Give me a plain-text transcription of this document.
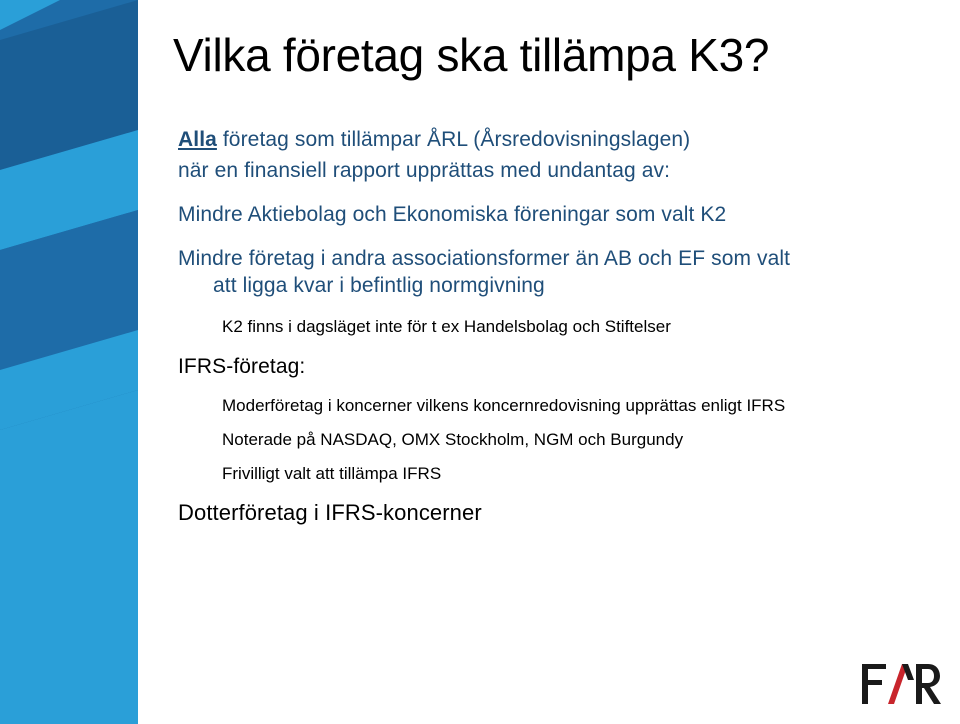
Vilka företag ska tillämpa K3?
Alla företag som tillämpar ÅRL (Årsredovisningslagen)
när en finansiell rapport upprättas med undantag av:
Mindre Aktiebolag och Ekonomiska föreningar som valt K2
Mindre företag i andra associationsformer än AB och EF som valt
att ligga kvar i befintlig normgivning
K2 finns i dagsläget inte för t ex Handelsbolag och Stiftelser
IFRS-företag:
Moderföretag i koncerner vilkens koncernredovisning upprättas enligt IFRS
Noterade på NASDAQ, OMX Stockholm, NGM och Burgundy
Frivilligt valt att tillämpa IFRS
Dotterföretag i IFRS-koncerner
